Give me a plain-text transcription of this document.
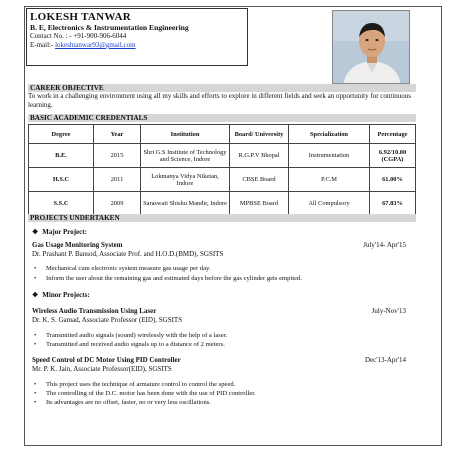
LOKESH TANWAR
B. E, Electronics & Instrumentation Engineering
Contact No. : - +91-900-906-6044
E-mail:- lokeshtanwar93@gmail.com
CAREER OBJECTIVE
To work in a challenging environment using all my skills and efforts to explore in different fields and seek an opportunity for continuous learning.
BASIC ACADEMIC CREDENTIALS
Degree	Year	Institution	Board/ University	Specialization	Percentage
B.E.	2015	Shri G.S Institute of Technology and Science, Indore	R.G.P.V Bhopal	Instrumentation	6.92/10.00 (CGPA)
H.S.C	2011	Lokmanya Vidya Niketan, Indore	CBSE Board	P.C.M	61.00%
S.S.C	2009	Saraswati Shishu Mandir, Indore	MPBSE Board	All Compulsory	67.83%
PROJECTS UNDERTAKEN
❖ Major Project:
Gas Usage Monitoring System	July'14- Apr'15
Dr. Prashant P. Bansod, Associate Prof. and H.O.D.(BMD), SGSITS
• Mechanical cum electronic system measure gas usage per day.
• Inform the user about the remaining gas and estimated days before the gas cylinder gets emptied.
❖ Minor Projects:
Wireless Audio Transmission Using Laser	July-Nov'13
Dr. K. S. Gamad, Associate Professor (EID), SGSITS
• Transmitted audio signals (sound) wirelessly with the help of a laser.
• Transmitted and received audio signals up to a distance of 2 meters.
Speed Control of DC Motor Using PID Controller	Dec'13-Apr'14
Mr. P. K. Jain, Associate Professor(EID), SGSITS
• This project uses the technique of armature control to control the speed.
• The controlling of the D.C. motor has been done with the use of PID controller.
• Its advantages are no offset, faster, no or very less oscillations.
